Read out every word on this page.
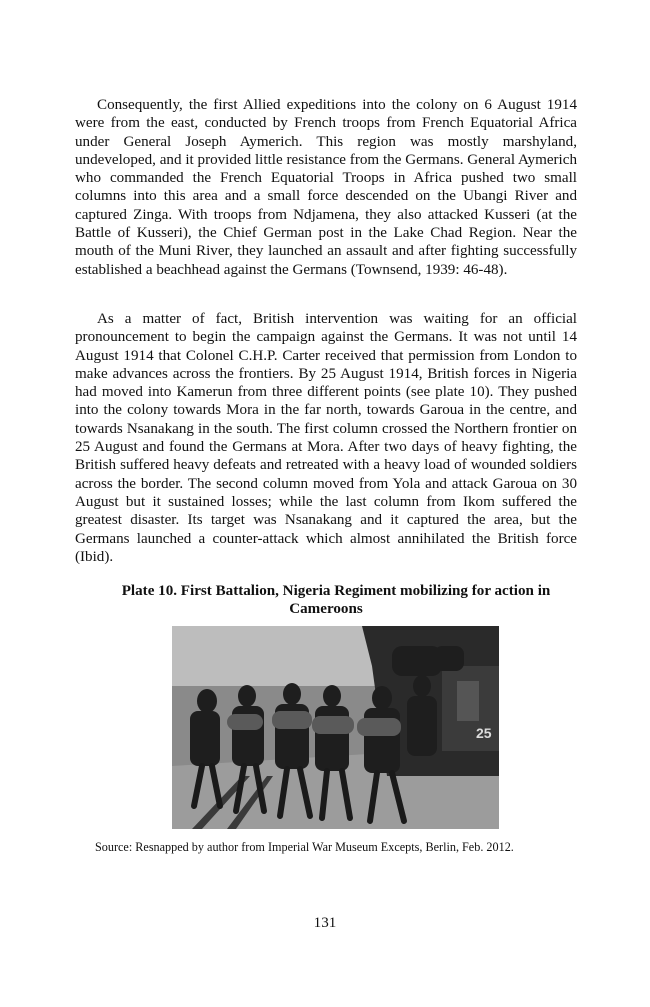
Consequently, the first Allied expeditions into the colony on 6 August 1914 were from the east, conducted by French troops from French Equatorial Africa under General Joseph Aymerich. This region was mostly marshyland, undeveloped, and it provided little resistance from the Germans. General Aymerich who commanded the French Equatorial Troops in Africa pushed two small columns into this area and a small force descended on the Ubangi River and captured Zinga. With troops from Ndjamena, they also attacked Kusseri (at the Battle of Kusseri), the Chief German post in the Lake Chad Region. Near the mouth of the Muni River, they launched an assault and after fighting successfully established a beachhead against the Germans (Townsend, 1939: 46-48).

As a matter of fact, British intervention was waiting for an official pronouncement to begin the campaign against the Germans. It was not until 14 August 1914 that Colonel C.H.P. Carter received that permission from London to make advances across the frontiers. By 25 August 1914, British forces in Nigeria had moved into Kamerun from three different points (see plate 10). They pushed into the colony towards Mora in the far north, towards Garoua in the centre, and towards Nsanakang in the south. The first column crossed the Northern frontier on 25 August and found the Germans at Mora. After two days of heavy fighting, the British suffered heavy defeats and retreated with a heavy load of wounded soldiers across the border. The second column moved from Yola and attack Garoua on 30 August but it sustained losses; while the last column from Ikom suffered the greatest disaster. Its target was Nsanakang and it captured the area, but the Germans launched a counter-attack which almost annihilated the British force (Ibid).

Plate 10. First Battalion, Nigeria Regiment mobilizing for action in
Cameroons

25

Source: Resnapped by author from Imperial War Museum Excepts, Berlin, Feb. 2012.

131
